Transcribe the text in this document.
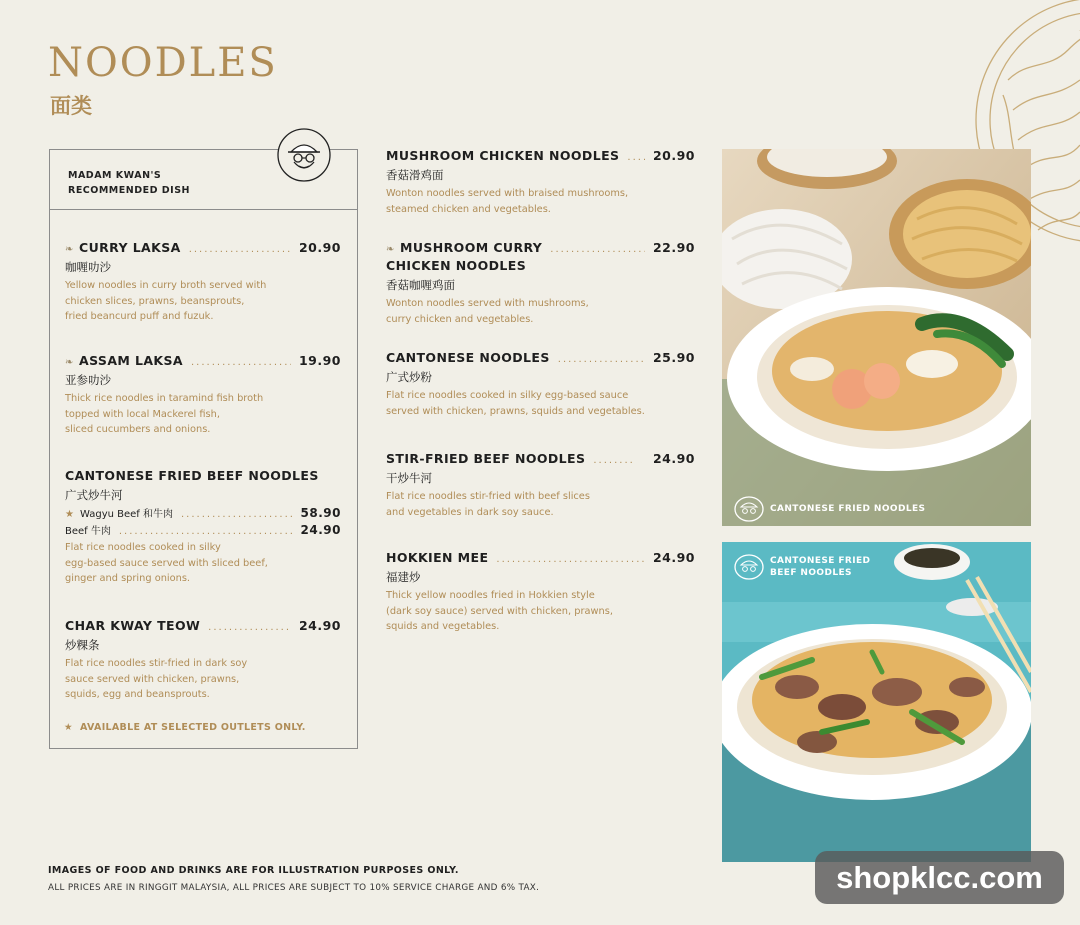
NOODLES
面类
MADAM KWAN'S
RECOMMENDED DISH
❧ CURRY LAKSA .....	20.90
咖喱叻沙
Yellow noodles in curry broth served with
chicken slices, prawns, beansprouts,
fried beancurd puff and fuzuk.
❧ ASSAM LAKSA .....	19.90
亚参叻沙
Thick rice noodles in taramind fish broth
topped with local Mackerel fish,
sliced cucumbers and onions.
CANTONESE FRIED BEEF NOODLES
广式炒牛河
★ Wagyu Beef 和牛肉 .....	58.90
Beef 牛肉 .....	24.90
Flat rice noodles cooked in silky
egg-based sauce served with sliced beef,
ginger and spring onions.
CHAR KWAY TEOW .....	24.90
炒粿条
Flat rice noodles stir-fried in dark soy
sauce served with chicken, prawns,
squids, egg and beansprouts.
★ AVAILABLE AT SELECTED OUTLETS ONLY.
MUSHROOM CHICKEN NOODLES .....	20.90
香菇滑鸡面
Wonton noodles served with braised mushrooms,
steamed chicken and vegetables.
❧ MUSHROOM CURRY .....	22.90
CHICKEN NOODLES
香菇咖喱鸡面
Wonton noodles served with mushrooms,
curry chicken and vegetables.
CANTONESE NOODLES .....	25.90
广式炒粉
Flat rice noodles cooked in silky egg-based sauce
served with chicken, prawns, squids and vegetables.
STIR-FRIED BEEF NOODLES .....	24.90
干炒牛河
Flat rice noodles stir-fried with beef slices
and vegetables in dark soy sauce.
HOKKIEN MEE .....	24.90
福建炒
Thick yellow noodles fried in Hokkien style
(dark soy sauce) served with chicken, prawns,
squids and vegetables.
CANTONESE FRIED NOODLES
CANTONESE FRIED
BEEF NOODLES
IMAGES OF FOOD AND DRINKS ARE FOR ILLUSTRATION PURPOSES ONLY.
ALL PRICES ARE IN RINGGIT MALAYSIA, ALL PRICES ARE SUBJECT TO 10% SERVICE CHARGE AND 6% TAX.	shopklcc.com
